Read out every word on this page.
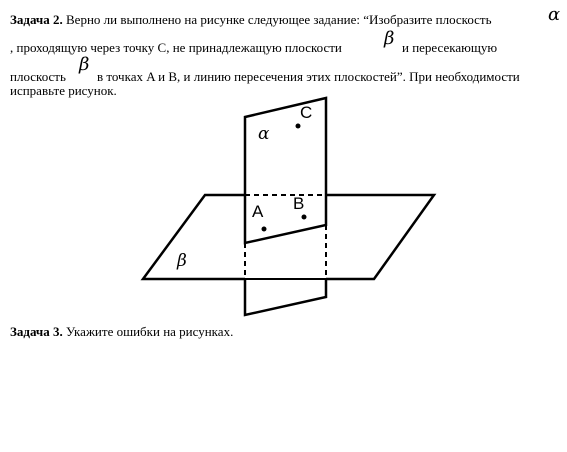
Задача 2. Верно ли выполнено на рисунке следующее задание: “Изобразите плоскость	α
, проходящую через точку C, не принадлежащую плоскости β и пересекающую
плоскость
β
в точках A и B, и линию пересечения этих плоскостей”. При необходимости
исправьте рисунок.
α
β
C
A B
Задача 3. Укажите ошибки на рисунках.
